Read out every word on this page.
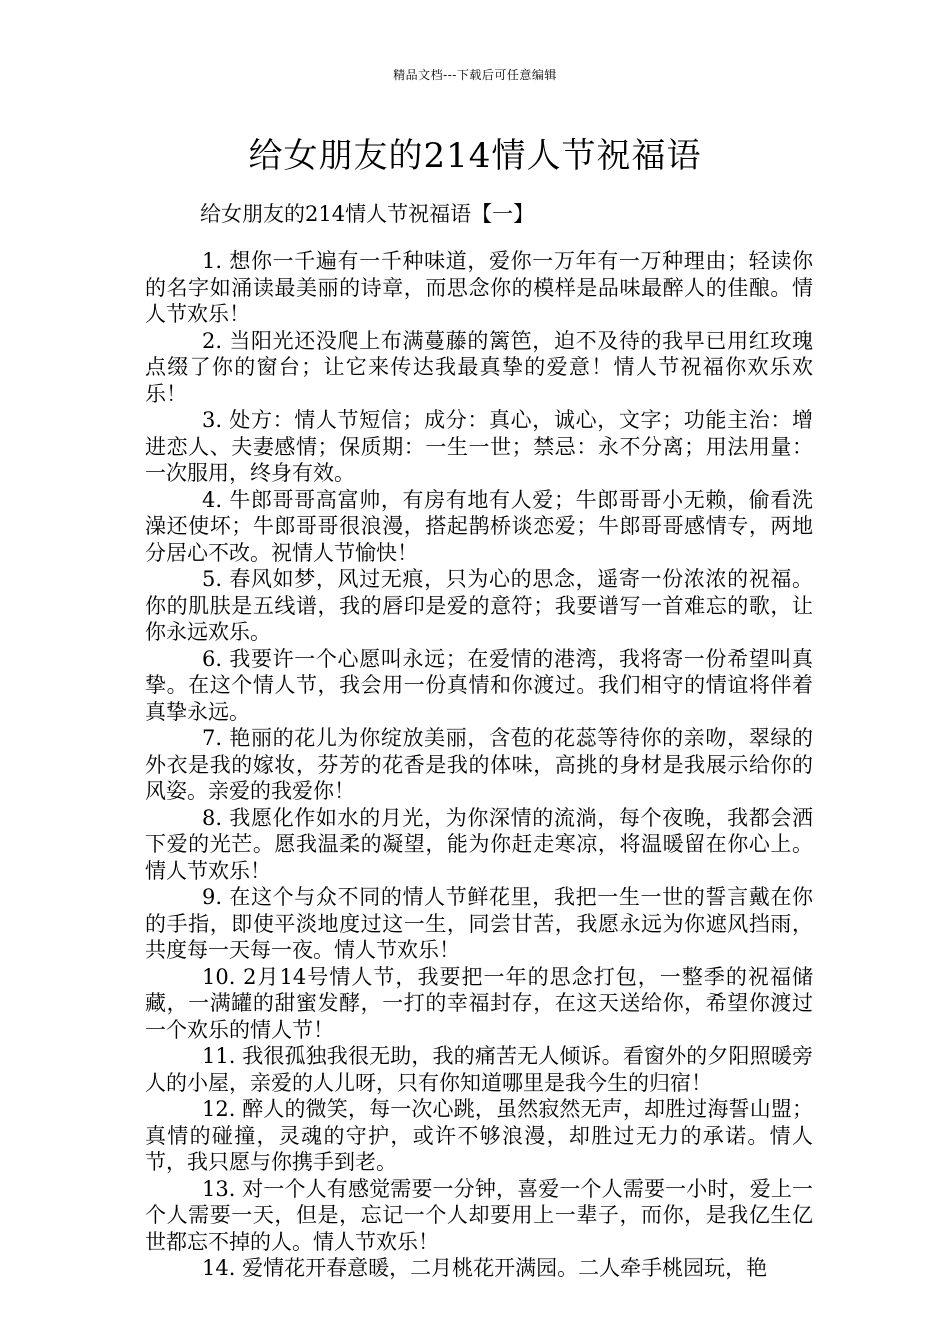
精品文档---下载后可任意编辑
给女朋友的214情人节祝福语

给女朋友的214情人节祝福语【一】

1. 想你一千遍有一千种味道，爱你一万年有一万种理由；轻读你的名字如涌读最美丽的诗章，而思念你的模样是品味最醉人的佳酿。情人节欢乐！

2. 当阳光还没爬上布满蔓藤的篱笆，迫不及待的我早已用红玫瑰点缀了你的窗台；让它来传达我最真挚的爱意！情人节祝福你欢乐欢乐！

3. 处方：情人节短信；成分：真心，诚心，文字；功能主治：增进恋人、夫妻感情；保质期：一生一世；禁忌：永不分离；用法用量：一次服用，终身有效。

4. 牛郎哥哥高富帅，有房有地有人爱；牛郎哥哥小无赖，偷看洗澡还使坏；牛郎哥哥很浪漫，搭起鹊桥谈恋爱；牛郎哥哥感情专，两地分居心不改。祝情人节愉快！

5. 春风如梦，风过无痕，只为心的思念，遥寄一份浓浓的祝福。你的肌肤是五线谱，我的唇印是爱的意符；我要谱写一首难忘的歌，让你永远欢乐。

6. 我要许一个心愿叫永远；在爱情的港湾，我将寄一份希望叫真挚。在这个情人节，我会用一份真情和你渡过。我们相守的情谊将伴着真挚永远。

7. 艳丽的花儿为你绽放美丽，含苞的花蕊等待你的亲吻，翠绿的外衣是我的嫁妆，芬芳的花香是我的体味，高挑的身材是我展示给你的风姿。亲爱的我爱你！

8. 我愿化作如水的月光，为你深情的流淌，每个夜晚，我都会洒下爱的光芒。愿我温柔的凝望，能为你赶走寒凉，将温暖留在你心上。情人节欢乐！

9. 在这个与众不同的情人节鲜花里，我把一生一世的誓言戴在你的手指，即使平淡地度过这一生，同尝甘苦，我愿永远为你遮风挡雨，共度每一天每一夜。情人节欢乐！

10. 2月14号情人节，我要把一年的思念打包，一整季的祝福储藏，一满罐的甜蜜发酵，一打的幸福封存，在这天送给你，希望你渡过一个欢乐的情人节！

11. 我很孤独我很无助，我的痛苦无人倾诉。看窗外的夕阳照暖旁人的小屋，亲爱的人儿呀，只有你知道哪里是我今生的归宿！

12. 醉人的微笑，每一次心跳，虽然寂然无声，却胜过海誓山盟；真情的碰撞，灵魂的守护，或许不够浪漫，却胜过无力的承诺。情人节，我只愿与你携手到老。

13. 对一个人有感觉需要一分钟，喜爱一个人需要一小时，爱上一个人需要一天，但是，忘记一个人却要用上一辈子，而你，是我亿生亿世都忘不掉的人。情人节欢乐！

14. 爱情花开春意暖，二月桃花开满园。二人牵手桃园玩，艳
